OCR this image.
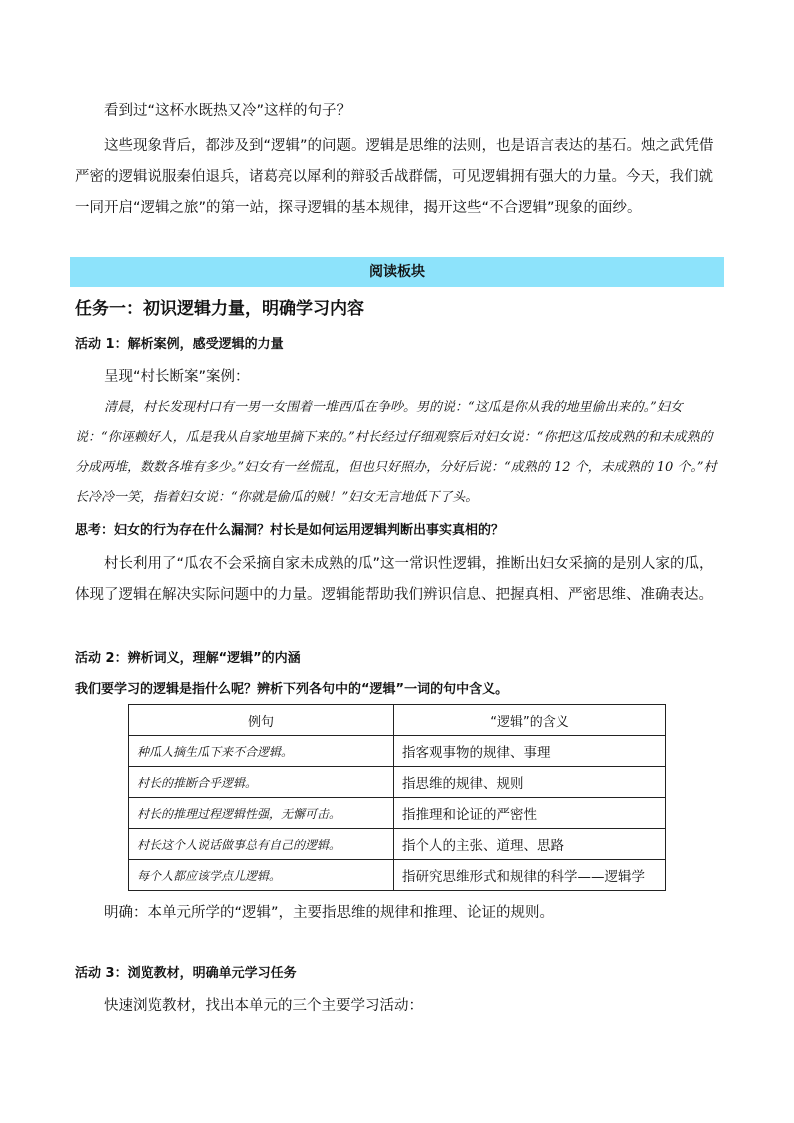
看到过“这杯水既热又冷”这样的句子？

这些现象背后，都涉及到“逻辑”的问题。逻辑是思维的法则，也是语言表达的基石。烛之武凭借严密的逻辑说服秦伯退兵，诸葛亮以犀利的辩驳舌战群儒，可见逻辑拥有强大的力量。今天，我们就一同开启“逻辑之旅”的第一站，探寻逻辑的基本规律，揭开这些“不合逻辑”现象的面纱。

阅读板块
任务一：初识逻辑力量，明确学习内容

活动 1：解析案例，感受逻辑的力量

呈现“村长断案”案例：

清晨，村长发现村口有一男一女围着一堆西瓜在争吵。男的说：“这瓜是你从我的地里偷出来的。”妇女说：“你诬赖好人，瓜是我从自家地里摘下来的。”村长经过仔细观察后对妇女说：“你把这瓜按成熟的和未成熟的分成两堆，数数各堆有多少。”妇女有一丝慌乱，但也只好照办，分好后说：“成熟的 12 个，未成熟的 10 个。”村长冷冷一笑，指着妇女说：“你就是偷瓜的贼！”妇女无言地低下了头。

思考：妇女的行为存在什么漏洞？村长是如何运用逻辑判断出事实真相的？

村长利用了“瓜农不会采摘自家未成熟的瓜”这一常识性逻辑，推断出妇女采摘的是别人家的瓜，体现了逻辑在解决实际问题中的力量。逻辑能帮助我们辨识信息、把握真相、严密思维、准确表达。

活动 2：辨析词义，理解“逻辑”的内涵

我们要学习的逻辑是指什么呢？辨析下列各句中的“逻辑”一词的句中含义。

例句	“逻辑”的含义
种瓜人摘生瓜下来不合逻辑。	指客观事物的规律、事理
村长的推断合乎逻辑。	指思维的规律、规则
村长的推理过程逻辑性强，无懈可击。	指推理和论证的严密性
村长这个人说话做事总有自己的逻辑。	指个人的主张、道理、思路
每个人都应该学点儿逻辑。	指研究思维形式和规律的科学——逻辑学

明确：本单元所学的“逻辑”，主要指思维的规律和推理、论证的规则。

活动 3：浏览教材，明确单元学习任务

快速浏览教材，找出本单元的三个主要学习活动：
